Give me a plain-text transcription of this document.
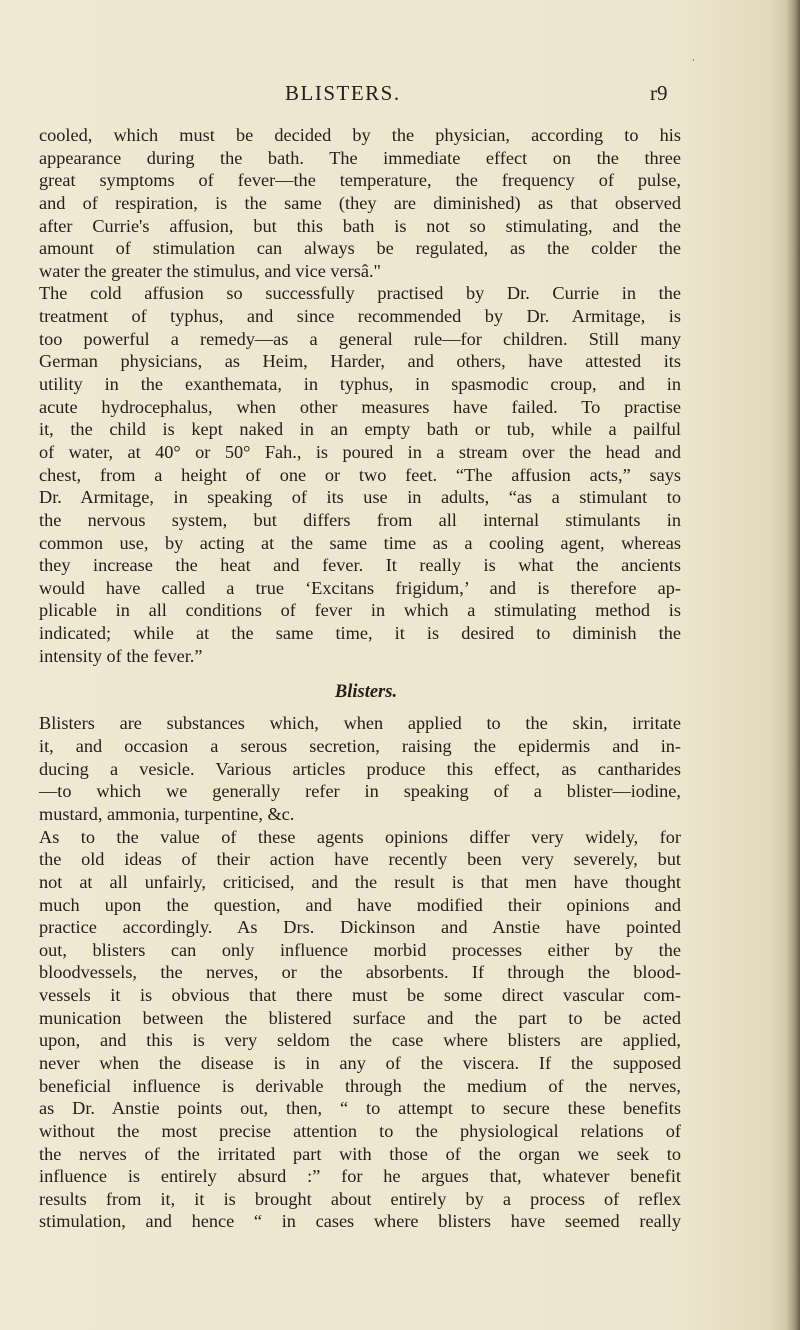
’
BLISTERS.	r9
cooled, which must be decided by the physician, according to his
appearance during the bath. The immediate effect on the three
great symptoms of fever—the temperature, the frequency of pulse,
and of respiration, is the same (they are diminished) as that observed
after Currie's affusion, but this bath is not so stimulating, and the
amount of stimulation can always be regulated, as the colder the
water the greater the stimulus, and vice versâ."
The cold affusion so successfully practised by Dr. Currie in the
treatment of typhus, and since recommended by Dr. Armitage, is
too powerful a remedy—as a general rule—for children. Still many
German physicians, as Heim, Harder, and others, have attested its
utility in the exanthemata, in typhus, in spasmodic croup, and in
acute hydrocephalus, when other measures have failed. To practise
it, the child is kept naked in an empty bath or tub, while a pailful
of water, at 40° or 50° Fah., is poured in a stream over the head and
chest, from a height of one or two feet. “The affusion acts,” says
Dr. Armitage, in speaking of its use in adults, “as a stimulant to
the nervous system, but differs from all internal stimulants in
common use, by acting at the same time as a cooling agent, whereas
they increase the heat and fever. It really is what the ancients
would have called a true ‘Excitans frigidum,’ and is therefore ap-
plicable in all conditions of fever in which a stimulating method is
indicated; while at the same time, it is desired to diminish the
intensity of the fever.”
Blisters.
Blisters are substances which, when applied to the skin, irritate
it, and occasion a serous secretion, raising the epidermis and in-
ducing a vesicle. Various articles produce this effect, as cantharides
—to which we generally refer in speaking of a blister—iodine,
mustard, ammonia, turpentine, &c.
As to the value of these agents opinions differ very widely, for
the old ideas of their action have recently been very severely, but
not at all unfairly, criticised, and the result is that men have thought
much upon the question, and have modified their opinions and
practice accordingly. As Drs. Dickinson and Anstie have pointed
out, blisters can only influence morbid processes either by the
bloodvessels, the nerves, or the absorbents. If through the blood-
vessels it is obvious that there must be some direct vascular com-
munication between the blistered surface and the part to be acted
upon, and this is very seldom the case where blisters are applied,
never when the disease is in any of the viscera. If the supposed
beneficial influence is derivable through the medium of the nerves,
as Dr. Anstie points out, then, “ to attempt to secure these benefits
without the most precise attention to the physiological relations of
the nerves of the irritated part with those of the organ we seek to
influence is entirely absurd :” for he argues that, whatever benefit
results from it, it is brought about entirely by a process of reflex
stimulation, and hence “ in cases where blisters have seemed really
